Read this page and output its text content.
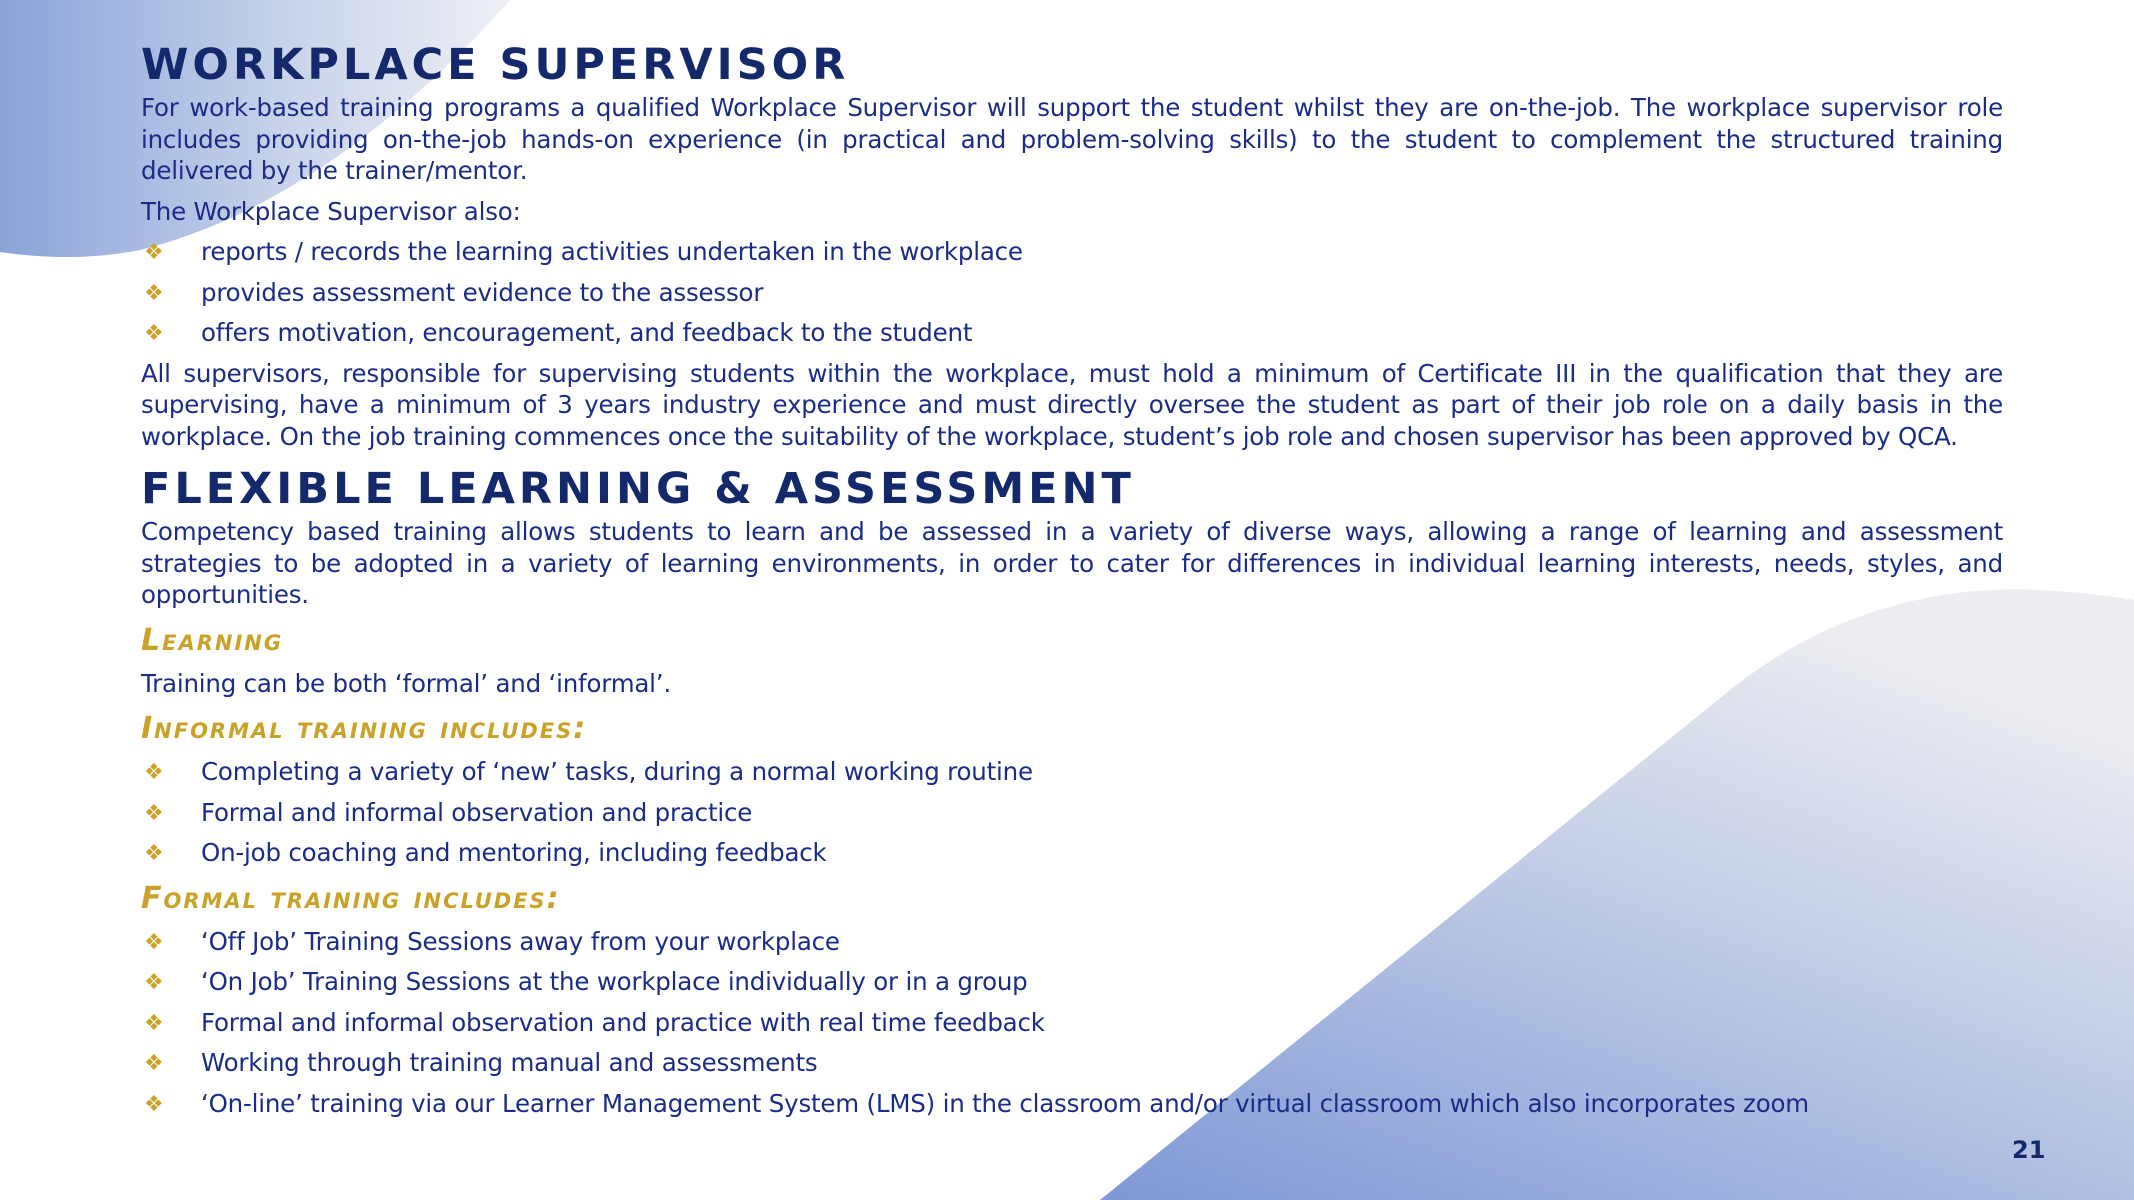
WORKPLACE SUPERVISOR

For work-based training programs a qualified Workplace Supervisor will support the student whilst they are on-the-job. The workplace supervisor role includes providing on-the-job hands-on experience (in practical and problem-solving skills) to the student to complement the structured training delivered by the trainer/mentor.

The Workplace Supervisor also:

❖ reports / records the learning activities undertaken in the workplace
❖ provides assessment evidence to the assessor
❖ offers motivation, encouragement, and feedback to the student

All supervisors, responsible for supervising students within the workplace, must hold a minimum of Certificate III in the qualification that they are supervising, have a minimum of 3 years industry experience and must directly oversee the student as part of their job role on a daily basis in the workplace. On the job training commences once the suitability of the workplace, student’s job role and chosen supervisor has been approved by QCA.

FLEXIBLE LEARNING & ASSESSMENT

Competency based training allows students to learn and be assessed in a variety of diverse ways, allowing a range of learning and assessment strategies to be adopted in a variety of learning environments, in order to cater for differences in individual learning interests, needs, styles, and opportunities.

Learning

Training can be both ‘formal’ and ‘informal’.

Informal training includes:
❖ Completing a variety of ‘new’ tasks, during a normal working routine
❖ Formal and informal observation and practice
❖ On-job coaching and mentoring, including feedback
Formal training includes:
❖ ‘Off Job’ Training Sessions away from your workplace
❖ ‘On Job’ Training Sessions at the workplace individually or in a group
❖ Formal and informal observation and practice with real time feedback
❖ Working through training manual and assessments
❖ ‘On-line’ training via our Learner Management System (LMS) in the classroom and/or virtual classroom which also incorporates zoom
21
